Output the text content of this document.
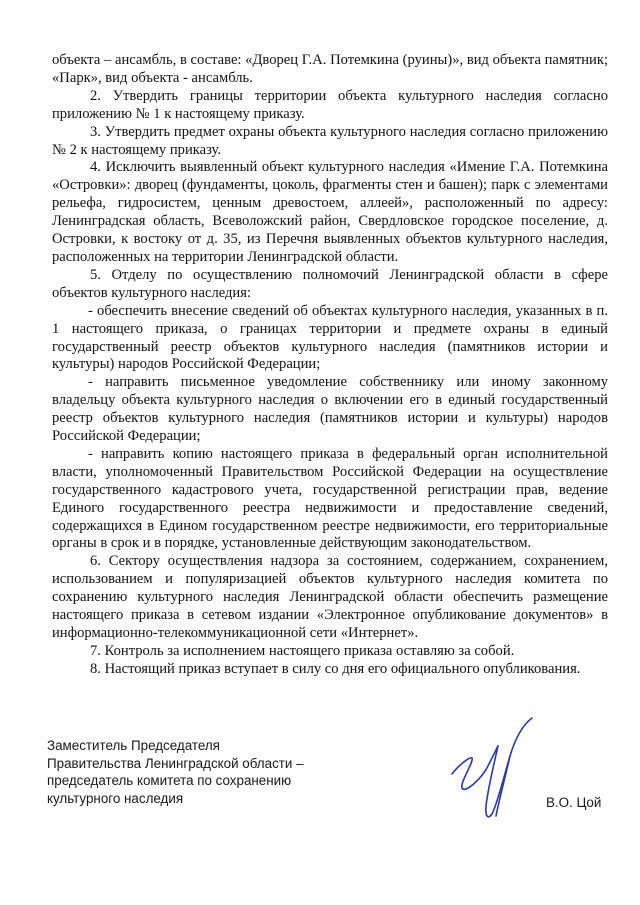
объекта – ансамбль, в составе: «Дворец Г.А. Потемкина (руины)», вид объекта памятник; «Парк», вид объекта - ансамбль.

2. Утвердить границы территории объекта культурного наследия согласно приложению № 1 к настоящему приказу.

3. Утвердить предмет охраны объекта культурного наследия согласно приложению № 2 к настоящему приказу.

4. Исключить выявленный объект культурного наследия «Имение Г.А. Потемкина «Островки»: дворец (фундаменты, цоколь, фрагменты стен и башен); парк с элементами рельефа, гидросистем, ценным древостоем, аллеей», расположенный по адресу: Ленинградская область, Всеволожский район, Свердловское городское поселение, д. Островки, к востоку от д. 35, из Перечня выявленных объектов культурного наследия, расположенных на территории Ленинградской области.

5. Отделу по осуществлению полномочий Ленинградской области в сфере объектов культурного наследия:

- обеспечить внесение сведений об объектах культурного наследия, указанных в п. 1 настоящего приказа, о границах территории и предмете охраны в единый государственный реестр объектов культурного наследия (памятников истории и культуры) народов Российской Федерации;

- направить письменное уведомление собственнику или иному законному владельцу объекта культурного наследия о включении его в единый государственный реестр объектов культурного наследия (памятников истории и культуры) народов Российской Федерации;

- направить копию настоящего приказа в федеральный орган исполнительной власти, уполномоченный Правительством Российской Федерации на осуществление государственного кадастрового учета, государственной регистрации прав, ведение Единого государственного реестра недвижимости и предоставление сведений, содержащихся в Едином государственном реестре недвижимости, его территориальные органы в срок и в порядке, установленные действующим законодательством.

6. Сектору осуществления надзора за состоянием, содержанием, сохранением, использованием и популяризацией объектов культурного наследия комитета по сохранению культурного наследия Ленинградской области обеспечить размещение настоящего приказа в сетевом издании «Электронное опубликование документов» в информационно-телекоммуникационной сети «Интернет».

7. Контроль за исполнением настоящего приказа оставляю за собой.

8. Настоящий приказ вступает в силу со дня его официального опубликования.

Заместитель Председателя
Правительства Ленинградской области –
председатель комитета по сохранению
культурного наследия	В.О. Цой
